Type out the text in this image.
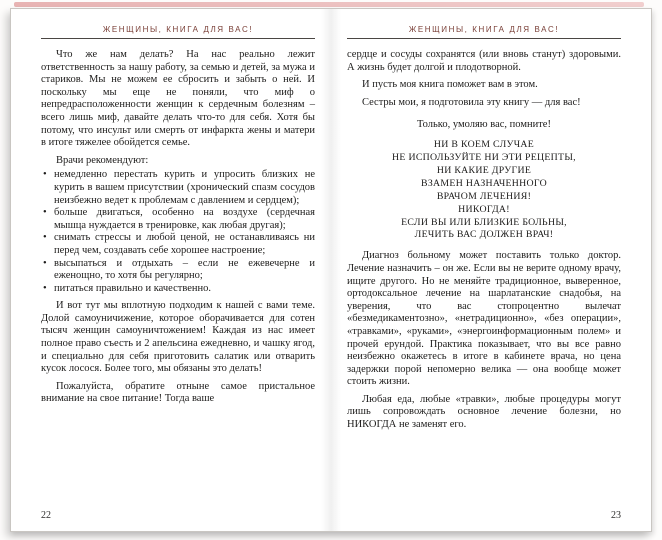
ЖЕНЩИНЫ, КНИГА ДЛЯ ВАС!

Что же нам делать? На нас реально лежит ответственность за нашу работу, за семью и детей, за мужа и стариков. Мы не можем ее сбросить и забыть о ней. И поскольку мы еще не поняли, что миф о непредрасположенности женщин к сердечным болезням – всего лишь миф, давайте делать что-то для себя. Хотя бы потому, что инсульт или смерть от инфаркта жены и матери в итоге тяжелее обойдется семье.

Врачи рекомендуют:

• немедленно перестать курить и упросить близких не курить в вашем присутствии (хронический спазм сосудов неизбежно ведет к проблемам с давлением и сердцем);
• больше двигаться, особенно на воздухе (сердечная мышца нуждается в тренировке, как любая другая);
• снимать стрессы и любой ценой, не останавливаясь ни перед чем, создавать себе хорошее настроение;
• высыпаться и отдыхать – если не ежевечерне и еженощно, то хотя бы регулярно;
• питаться правильно и качественно.

И вот тут мы вплотную подходим к нашей с вами теме. Долой самоуничижение, которое оборачивается для сотен тысяч женщин самоуничтожением! Каждая из нас имеет полное право съесть и 2 апельсина ежедневно, и чашку ягод, и специально для себя приготовить салатик или отварить кусок лосося. Более того, мы обязаны это делать!

Пожалуйста, обратите отныне самое пристальное внимание на свое питание! Тогда ваше

22
ЖЕНЩИНЫ, КНИГА ДЛЯ ВАС!

сердце и сосуды сохранятся (или вновь станут) здоровыми. А жизнь будет долгой и плодотворной.

И пусть моя книга поможет вам в этом.

Сестры мои, я подготовила эту книгу — для вас!

Только, умоляю вас, помните!

НИ В КОЕМ СЛУЧАЕ
НЕ ИСПОЛЬЗУЙТЕ НИ ЭТИ РЕЦЕПТЫ,
НИ КАКИЕ ДРУГИЕ
ВЗАМЕН НАЗНАЧЕННОГО
ВРАЧОМ ЛЕЧЕНИЯ!
НИКОГДА!
ЕСЛИ ВЫ ИЛИ БЛИЗКИЕ БОЛЬНЫ,
ЛЕЧИТЬ ВАС ДОЛЖЕН ВРАЧ!

Диагноз больному может поставить только доктор. Лечение назначить – он же. Если вы не верите одному врачу, ищите другого. Но не меняйте традиционное, выверенное, ортодоксальное лечение на шарлатанские снадобья, на уверения, что вас стопроцентно вылечат «безмедикаментозно», «нетрадиционно», «без операции», «травками», «руками», «энергоинформационным полем» и прочей ерундой. Практика показывает, что вы все равно неизбежно окажетесь в итоге в кабинете врача, но цена задержки порой непомерно велика — она вообще может стоить жизни.

Любая еда, любые «травки», любые процедуры могут лишь сопровождать основное лечение болезни, но НИКОГДА не заменят его.

23
